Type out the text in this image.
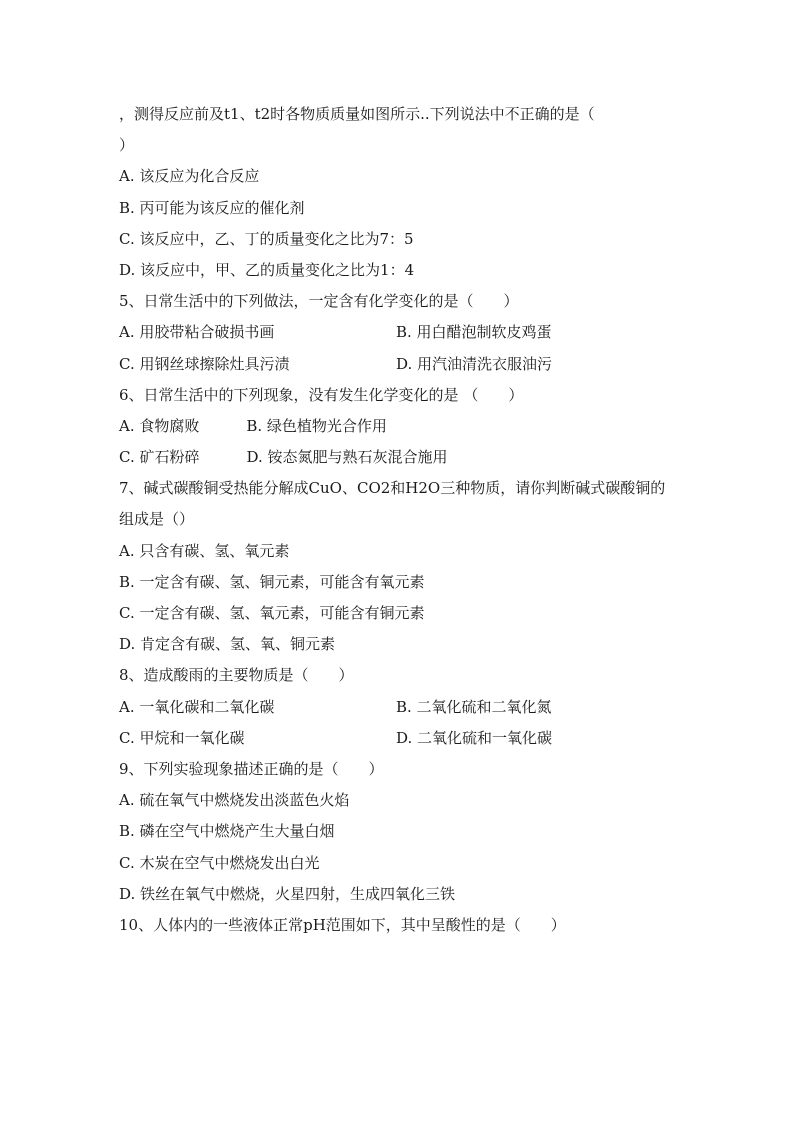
，测得反应前及t1、t2时各物质质量如图所示..下列说法中不正确的是（
）
A. 该反应为化合反应
B. 丙可能为该反应的催化剂
C. 该反应中，乙、丁的质量变化之比为7：5
D. 该反应中，甲、乙的质量变化之比为1：4
5、日常生活中的下列做法，一定含有化学变化的是（　　）
A. 用胶带粘合破损书画	B. 用白醋泡制软皮鸡蛋
C. 用钢丝球擦除灶具污渍	D. 用汽油清洗衣服油污
6、日常生活中的下列现象，没有发生化学变化的是 （　　）
A. 食物腐败	B. 绿色植物光合作用
C. 矿石粉碎	D. 铵态氮肥与熟石灰混合施用
7、碱式碳酸铜受热能分解成CuO、CO2和H2O三种物质，请你判断碱式碳酸铜的
组成是（）
A. 只含有碳、氢、氧元素
B. 一定含有碳、氢、铜元素，可能含有氧元素
C. 一定含有碳、氢、氧元素，可能含有铜元素
D. 肯定含有碳、氢、氧、铜元素
8、造成酸雨的主要物质是（　　）
A. 一氧化碳和二氧化碳	B. 二氧化硫和二氧化氮
C. 甲烷和一氧化碳	D. 二氧化硫和一氧化碳
9、下列实验现象描述正确的是（　　）
A. 硫在氧气中燃烧发出淡蓝色火焰
B. 磷在空气中燃烧产生大量白烟
C. 木炭在空气中燃烧发出白光
D. 铁丝在氧气中燃烧，火星四射，生成四氧化三铁
10、人体内的一些液体正常pH范围如下，其中呈酸性的是（　　）
